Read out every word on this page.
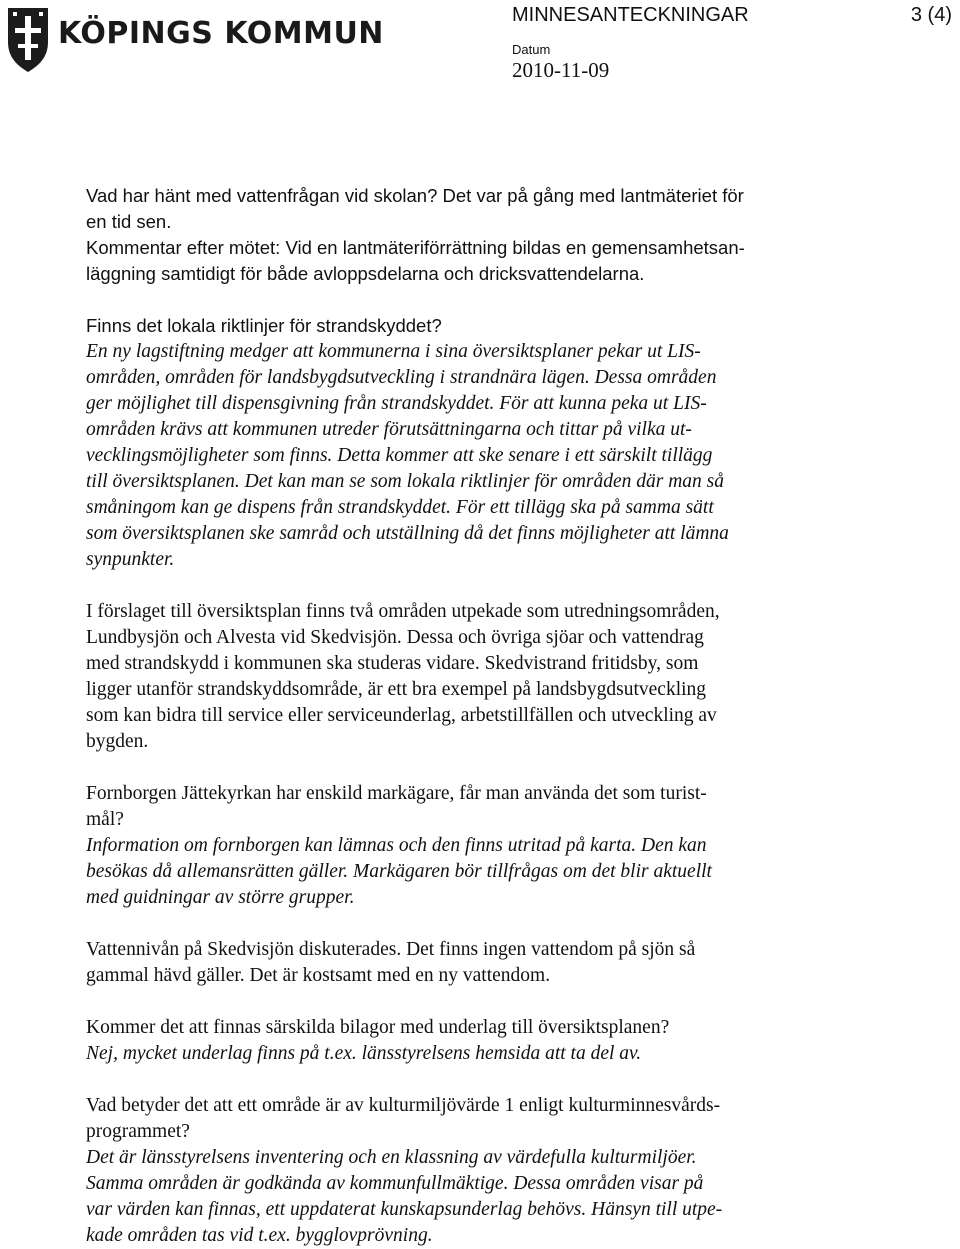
KÖPINGS KOMMUN
MINNESANTECKNINGAR	3 (4)
Datum
2010-11-09

Vad har hänt med vattenfrågan vid skolan? Det var på gång med lantmäteriet för
en tid sen.

Kommentar efter mötet: Vid en lantmäteriförrättning bildas en gemensamhetsan-
läggning samtidigt för både avloppsdelarna och dricksvattendelarna.

Finns det lokala riktlinjer för strandskyddet?

En ny lagstiftning medger att kommunerna i sina översiktsplaner pekar ut LIS-
områden, områden för landsbygdsutveckling i strandnära lägen. Dessa områden
ger möjlighet till dispensgivning från strandskyddet. För att kunna peka ut LIS-
områden krävs att kommunen utreder förutsättningarna och tittar på vilka ut-
vecklingsmöjligheter som finns. Detta kommer att ske senare i ett särskilt tillägg
till översiktsplanen. Det kan man se som lokala riktlinjer för områden där man så
småningom kan ge dispens från strandskyddet. För ett tillägg ska på samma sätt
som översiktsplanen ske samråd och utställning då det finns möjligheter att lämna
synpunkter.

I förslaget till översiktsplan finns två områden utpekade som utredningsområden,
Lundbysjön och Alvesta vid Skedvisjön. Dessa och övriga sjöar och vattendrag
med strandskydd i kommunen ska studeras vidare. Skedvistrand fritidsby, som
ligger utanför strandskyddsområde, är ett bra exempel på landsbygdsutveckling
som kan bidra till service eller serviceunderlag, arbetstillfällen och utveckling av
bygden.

Fornborgen Jättekyrkan har enskild markägare, får man använda det som turist-
mål?

Information om fornborgen kan lämnas och den finns utritad på karta. Den kan
besökas då allemansrätten gäller. Markägaren bör tillfrågas om det blir aktuellt
med guidningar av större grupper.

Vattennivån på Skedvisjön diskuterades. Det finns ingen vattendom på sjön så
gammal hävd gäller. Det är kostsamt med en ny vattendom.

Kommer det att finnas särskilda bilagor med underlag till översiktsplanen?

Nej, mycket underlag finns på t.ex. länsstyrelsens hemsida att ta del av.

Vad betyder det att ett område är av kulturmiljövärde 1 enligt kulturminnesvårds-
programmet?

Det är länsstyrelsens inventering och en klassning av värdefulla kulturmiljöer.
Samma områden är godkända av kommunfullmäktige. Dessa områden visar på
var värden kan finnas, ett uppdaterat kunskapsunderlag behövs. Hänsyn till utpe-
kade områden tas vid t.ex. bygglovprövning.
